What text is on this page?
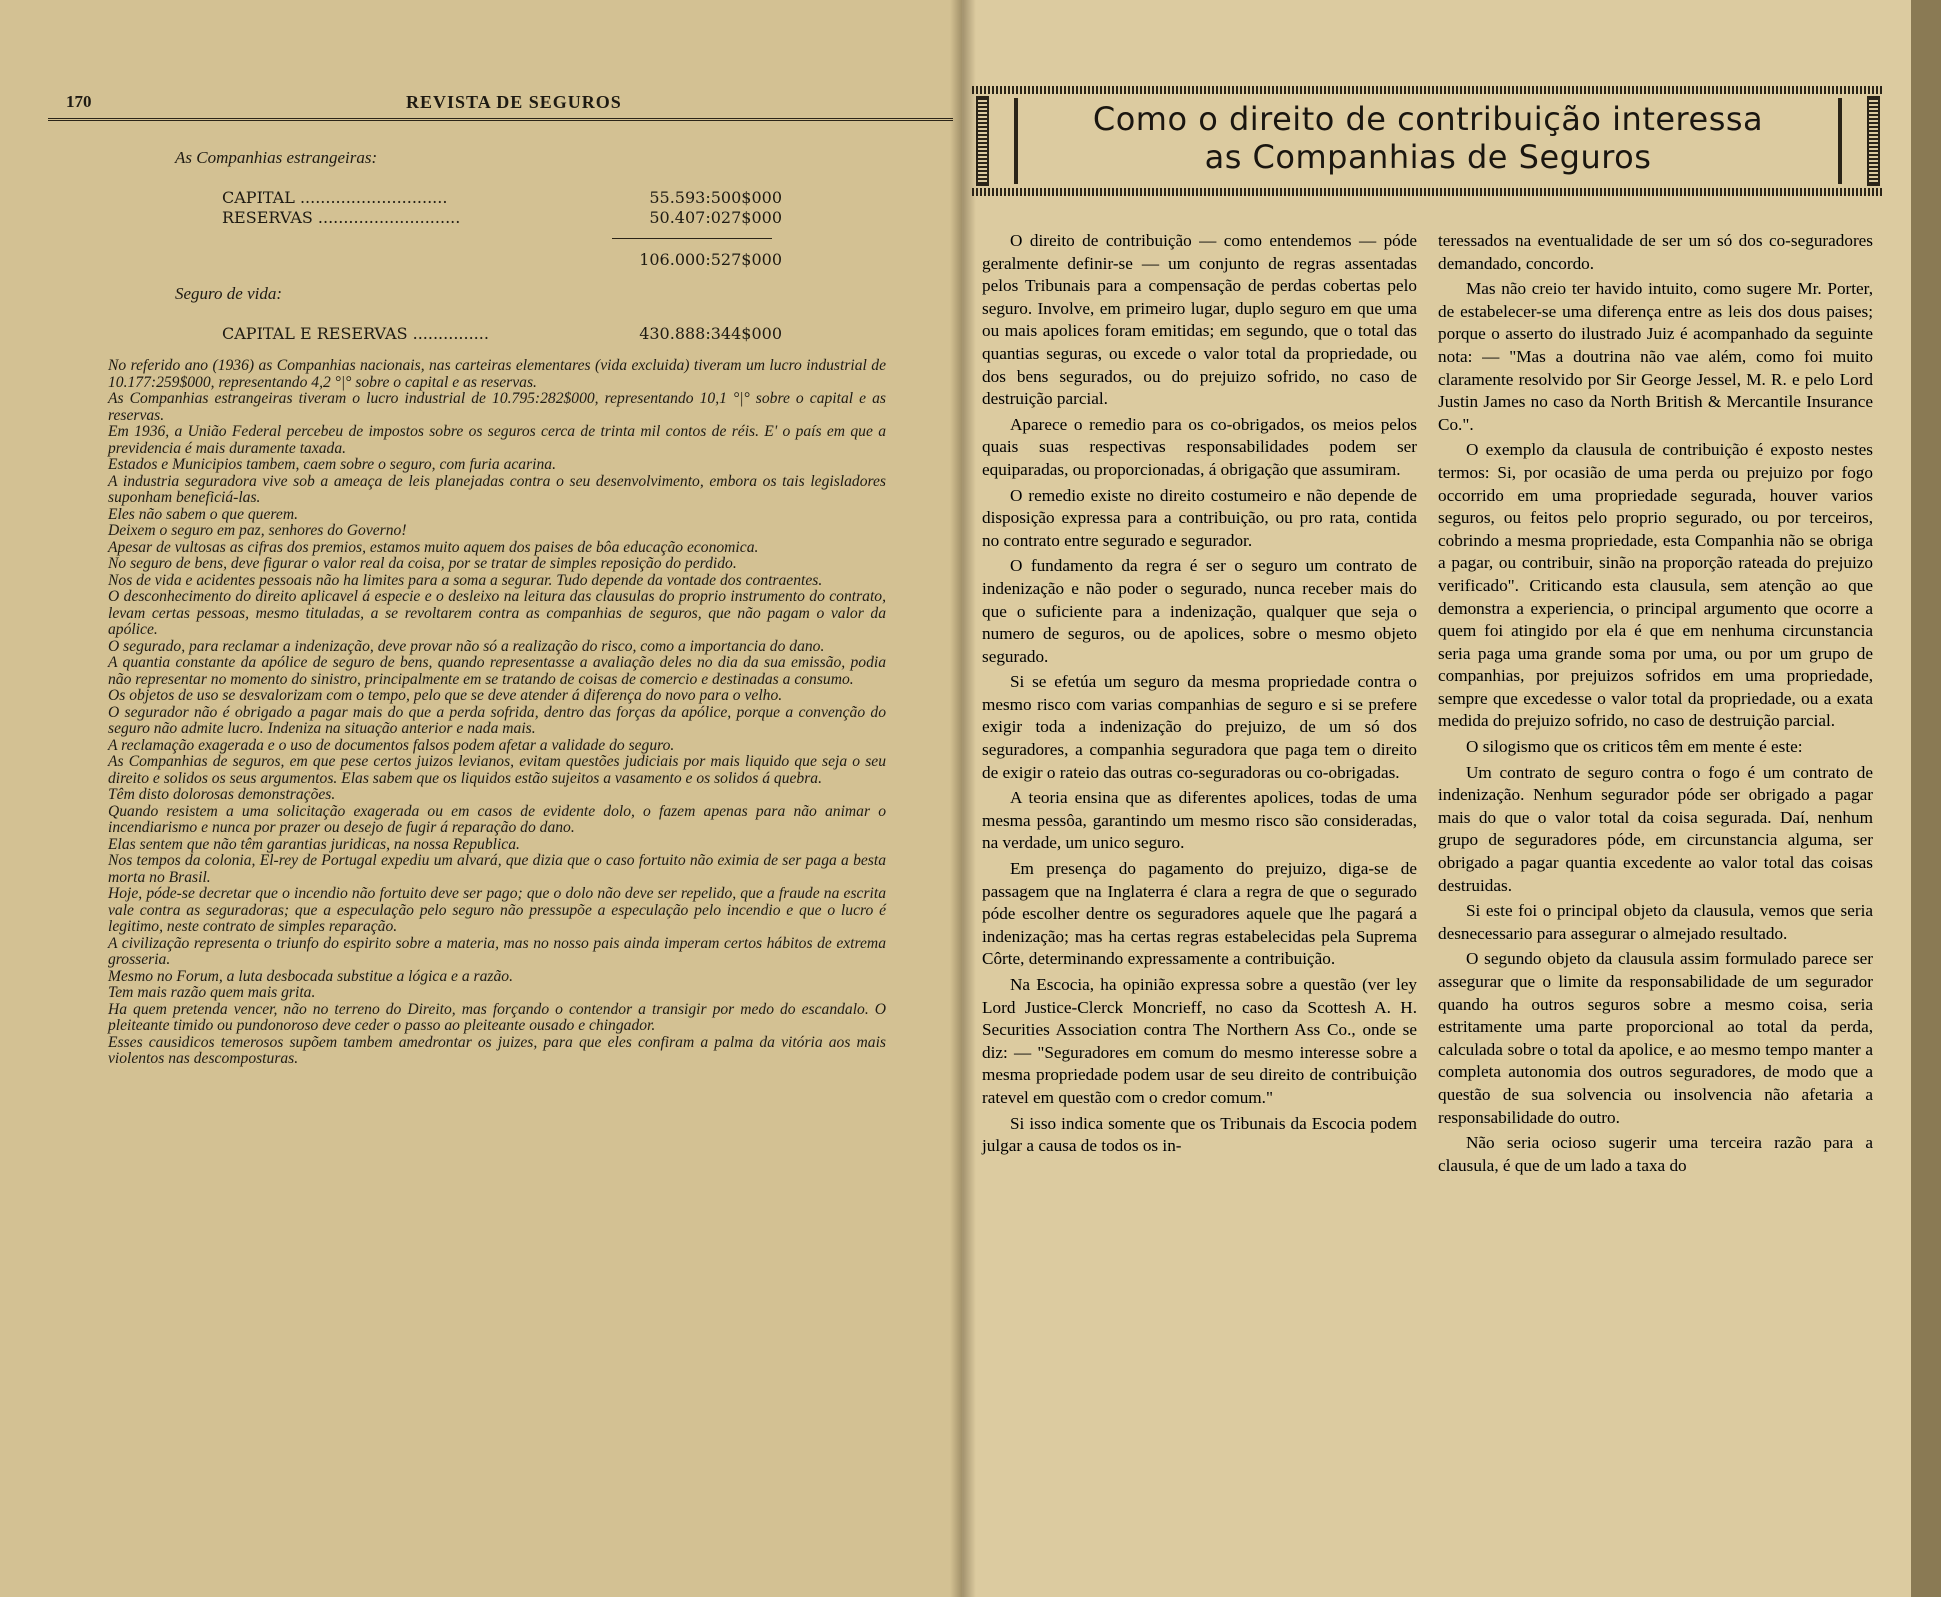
170	REVISTA DE SEGUROS
As Companhias estrangeiras:
CAPITAL .............................	55.593:500$000
RESERVAS ............................	50.407:027$000
106.000:527$000
Seguro de vida:
CAPITAL E RESERVAS ...............	430.888:344$000

No referido ano (1936) as Companhias nacionais, nas carteiras elementares (vida excluida) tiveram um lucro industrial de 10.177:259$000, representando 4,2 °|° sobre o capital e as reservas.

As Companhias estrangeiras tiveram o lucro industrial de 10.795:282$000, representando 10,1 °|° sobre o capital e as reservas.

Em 1936, a União Federal percebeu de impostos sobre os seguros cerca de trinta mil contos de réis. E' o país em que a previdencia é mais duramente taxada.

Estados e Municipios tambem, caem sobre o seguro, com furia acarina.

A industria seguradora vive sob a ameaça de leis planejadas contra o seu desenvolvimento, embora os tais legisladores suponham beneficiá-las.

Eles não sabem o que querem.

Deixem o seguro em paz, senhores do Governo!

Apesar de vultosas as cifras dos premios, estamos muito aquem dos paises de bôa educação economica.

No seguro de bens, deve figurar o valor real da coisa, por se tratar de simples reposição do perdido.

Nos de vida e acidentes pessoais não ha limites para a soma a segurar. Tudo depende da vontade dos contraentes.

O desconhecimento do direito aplicavel á especie e o desleixo na leitura das clausulas do proprio instrumento do contrato, levam certas pessoas, mesmo tituladas, a se revoltarem contra as companhias de seguros, que não pagam o valor da apólice.

O segurado, para reclamar a indenização, deve provar não só a realização do risco, como a importancia do dano.

A quantia constante da apólice de seguro de bens, quando representasse a avaliação deles no dia da sua emissão, podia não representar no momento do sinistro, principalmente em se tratando de coisas de comercio e destinadas a consumo.

Os objetos de uso se desvalorizam com o tempo, pelo que se deve atender á diferença do novo para o velho.

O segurador não é obrigado a pagar mais do que a perda sofrida, dentro das forças da apólice, porque a convenção do seguro não admite lucro. Indeniza na situação anterior e nada mais.

A reclamação exagerada e o uso de documentos falsos podem afetar a validade do seguro.

As Companhias de seguros, em que pese certos juizos levianos, evitam questões judiciais por mais liquido que seja o seu direito e solidos os seus argumentos. Elas sabem que os liquidos estão sujeitos a vasamento e os solidos á quebra.

Têm disto dolorosas demonstrações.

Quando resistem a uma solicitação exagerada ou em casos de evidente dolo, o fazem apenas para não animar o incendiarismo e nunca por prazer ou desejo de fugir á reparação do dano.

Elas sentem que não têm garantias juridicas, na nossa Republica.

Nos tempos da colonia, El-rey de Portugal expediu um alvará, que dizia que o caso fortuito não eximia de ser paga a besta morta no Brasil.

Hoje, póde-se decretar que o incendio não fortuito deve ser pago; que o dolo não deve ser repelido, que a fraude na escrita vale contra as seguradoras; que a especulação pelo seguro não pressupõe a especulação pelo incendio e que o lucro é legitimo, neste contrato de simples reparação.

A civilização representa o triunfo do espirito sobre a materia, mas no nosso pais ainda imperam certos hábitos de extrema grosseria.

Mesmo no Forum, a luta desbocada substitue a lógica e a razão.

Tem mais razão quem mais grita.

Ha quem pretenda vencer, não no terreno do Direito, mas forçando o contendor a transigir por medo do escandalo. O pleiteante timido ou pundonoroso deve ceder o passo ao pleiteante ousado e chingador.

Esses causidicos temerosos supõem tambem amedrontar os juizes, para que eles confiram a palma da vitória aos mais violentos nas descomposturas.

Como o direito de contribuição interessa
as Companhias de Seguros

O direito de contribuição — como entendemos — póde geralmente definir-se — um conjunto de regras assentadas pelos Tribunais para a compensação de perdas cobertas pelo seguro. Involve, em primeiro lugar, duplo seguro em que uma ou mais apolices foram emitidas; em segundo, que o total das quantias seguras, ou excede o valor total da propriedade, ou dos bens segurados, ou do prejuizo sofrido, no caso de destruição parcial.

Aparece o remedio para os co-obrigados, os meios pelos quais suas respectivas responsabilidades podem ser equiparadas, ou proporcionadas, á obrigação que assumiram.

O remedio existe no direito costumeiro e não depende de disposição expressa para a contribuição, ou pro rata, contida no contrato entre segurado e segurador.

O fundamento da regra é ser o seguro um contrato de indenização e não poder o segurado, nunca receber mais do que o suficiente para a indenização, qualquer que seja o numero de seguros, ou de apolices, sobre o mesmo objeto segurado.

Si se efetúa um seguro da mesma propriedade contra o mesmo risco com varias companhias de seguro e si se prefere exigir toda a indenização do prejuizo, de um só dos seguradores, a companhia seguradora que paga tem o direito de exigir o rateio das outras co-seguradoras ou co-obrigadas.

A teoria ensina que as diferentes apolices, todas de uma mesma pessôa, garantindo um mesmo risco são consideradas, na verdade, um unico seguro.

Em presença do pagamento do prejuizo, diga-se de passagem que na Inglaterra é clara a regra de que o segurado póde escolher dentre os seguradores aquele que lhe pagará a indenização; mas ha certas regras estabelecidas pela Suprema Côrte, determinando expressamente a contribuição.

Na Escocia, ha opinião expressa sobre a questão (ver ley Lord Justice-Clerck Moncrieff, no caso da Scottesh A. H. Securities Association contra The Northern Ass Co., onde se diz: — "Seguradores em comum do mesmo interesse sobre a mesma propriedade podem usar de seu direito de contribuição ratevel em questão com o credor comum."

Si isso indica somente que os Tribunais da Escocia podem julgar a causa de todos os in-

teressados na eventualidade de ser um só dos co-seguradores demandado, concordo.

Mas não creio ter havido intuito, como sugere Mr. Porter, de estabelecer-se uma diferença entre as leis dos dous paises; porque o asserto do ilustrado Juiz é acompanhado da seguinte nota: — "Mas a doutrina não vae além, como foi muito claramente resolvido por Sir George Jessel, M. R. e pelo Lord Justin James no caso da North British & Mercantile Insurance Co.".

O exemplo da clausula de contribuição é exposto nestes termos: Si, por ocasião de uma perda ou prejuizo por fogo occorrido em uma propriedade segurada, houver varios seguros, ou feitos pelo proprio segurado, ou por terceiros, cobrindo a mesma propriedade, esta Companhia não se obriga a pagar, ou contribuir, sinão na proporção rateada do prejuizo verificado". Criticando esta clausula, sem atenção ao que demonstra a experiencia, o principal argumento que ocorre a quem foi atingido por ela é que em nenhuma circunstancia seria paga uma grande soma por uma, ou por um grupo de companhias, por prejuizos sofridos em uma propriedade, sempre que excedesse o valor total da propriedade, ou a exata medida do prejuizo sofrido, no caso de destruição parcial.

O silogismo que os criticos têm em mente é este:

Um contrato de seguro contra o fogo é um contrato de indenização. Nenhum segurador póde ser obrigado a pagar mais do que o valor total da coisa segurada. Daí, nenhum grupo de seguradores póde, em circunstancia alguma, ser obrigado a pagar quantia excedente ao valor total das coisas destruidas.

Si este foi o principal objeto da clausula, vemos que seria desnecessario para assegurar o almejado resultado.

O segundo objeto da clausula assim formulado parece ser assegurar que o limite da responsabilidade de um segurador quando ha outros seguros sobre a mesmo coisa, seria estritamente uma parte proporcional ao total da perda, calculada sobre o total da apolice, e ao mesmo tempo manter a completa autonomia dos outros seguradores, de modo que a questão de sua solvencia ou insolvencia não afetaria a responsabilidade do outro.

Não seria ocioso sugerir uma terceira razão para a clausula, é que de um lado a taxa do
